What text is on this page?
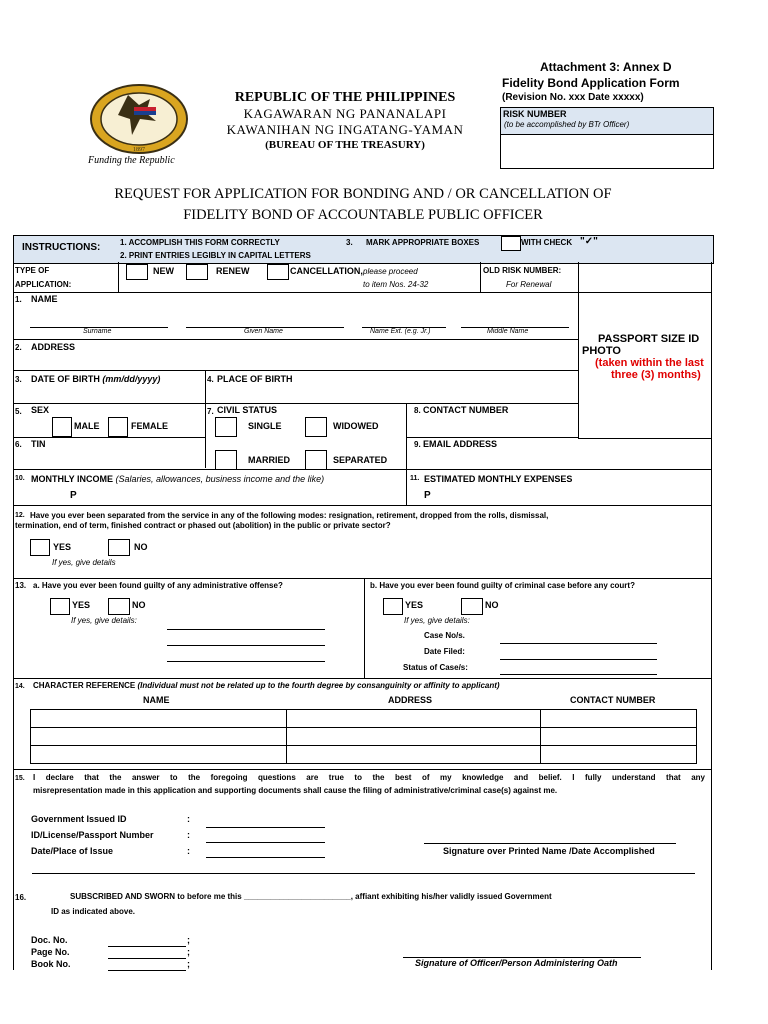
Attachment 3: Annex D
Fidelity Bond Application Form
(Revision No. xxx Date xxxxx)
RISK NUMBER
(to be accomplished by BTr Officer)
1897
Funding the Republic
REPUBLIC OF THE PHILIPPINES
KAGAWARAN NG PANANALAPI
KAWANIHAN NG INGATANG-YAMAN
(BUREAU OF THE TREASURY)
REQUEST FOR APPLICATION FOR BONDING AND / OR CANCELLATION OF
FIDELITY BOND OF ACCOUNTABLE PUBLIC OFFICER
INSTRUCTIONS: 1. ACCOMPLISH THIS FORM CORRECTLY
2. PRINT ENTRIES LEGIBLY IN CAPITAL LETTERS
3. MARK APPROPRIATE BOXES	WITH CHECK "✓"
TYPE OF
APPLICATION:
NEW	RENEW	CANCELLATION, please proceed
to item Nos. 24-32
OLD RISK NUMBER:
For Renewal
PASSPORT SIZE ID
PHOTO
(taken within the last
three (3) months)
1. NAME
Surname	Given Name	Name Ext. (e.g. Jr.)	Middle Name
2. ADDRESS
3. DATE OF BIRTH (mm/dd/yyyy)	4. PLACE OF BIRTH
5. SEX
MALE	FEMALE
7. CIVIL STATUS
SINGLE	WIDOWED
MARRIED	SEPARATED
8. CONTACT NUMBER
6. TIN	9. EMAIL ADDRESS
10. MONTHLY INCOME (Salaries, allowances, business income and the like)
P
11. ESTIMATED MONTHLY EXPENSES
P
12. Have you ever been separated from the service in any of the following modes: resignation, retirement, dropped from the rolls, dismissal,
termination, end of term, finished contract or phased out (abolition) in the public or private sector?
YES	NO
If yes, give details
13. a. Have you ever been found guilty of any administrative offense?
YES	NO
If yes, give details:
b. Have you ever been found guilty of criminal case before any court?
YES	NO
If yes, give details:
Case No/s.
Date Filed:
Status of Case/s:
14. CHARACTER REFERENCE (Individual must not be related up to the fourth degree by consanguinity or affinity to applicant)
NAME	ADDRESS	CONTACT NUMBER

15. I declare that the answer to the foregoing questions are true to the best of my knowledge and belief. I fully understand that any
misrepresentation made in this application and supporting documents shall cause the filing of administrative/criminal case(s) against me.
Government Issued ID	:
ID/License/Passport Number	:
Date/Place of Issue	:	Signature over Printed Name /Date Accomplished
16.	SUBSCRIBED AND SWORN to before me this ________________________, affiant exhibiting his/her validly issued Government
ID as indicated above.
Doc. No.	;
Page No.	;
Book No.	;	Signature of Officer/Person Administering Oath
